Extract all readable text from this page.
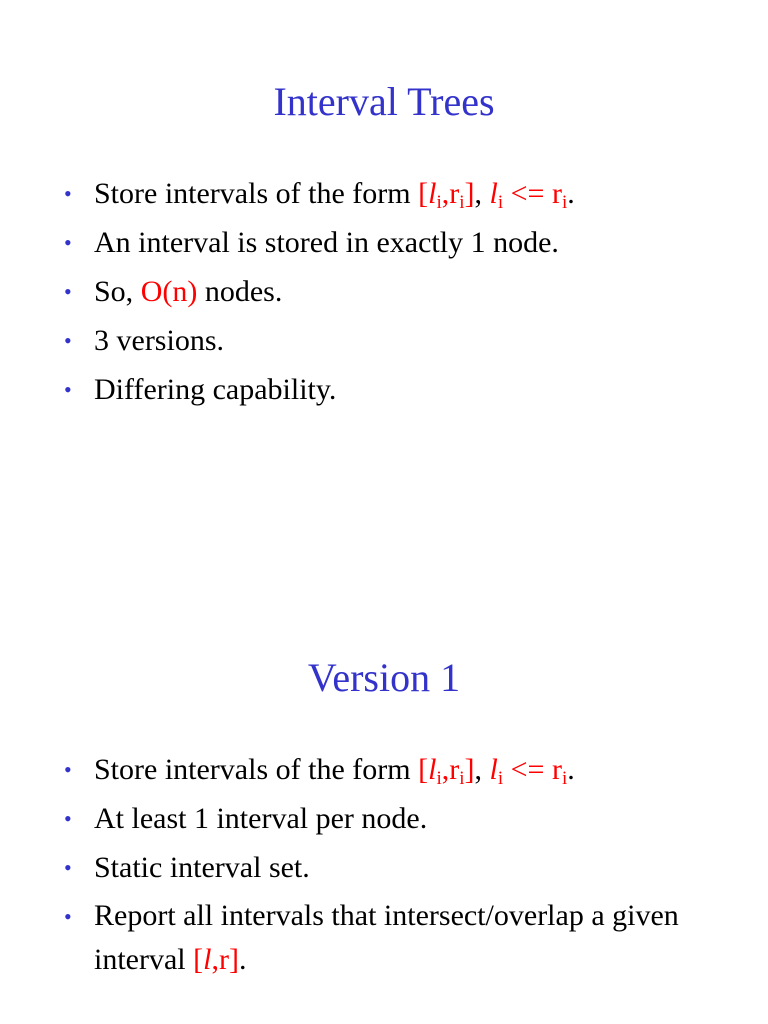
Interval Trees
• Store intervals of the form $[l_i,r_i]$, $l_i <= r_i$.
• An interval is stored in exactly 1 node.
• So, O(n) nodes.
• 3 versions.
• Differing capability.
Version 1
• Store intervals of the form $[l_i,r_i]$, $l_i <= r_i$.
• At least 1 interval per node.
• Static interval set.
• Report all intervals that intersect/overlap a given interval [l,r].
